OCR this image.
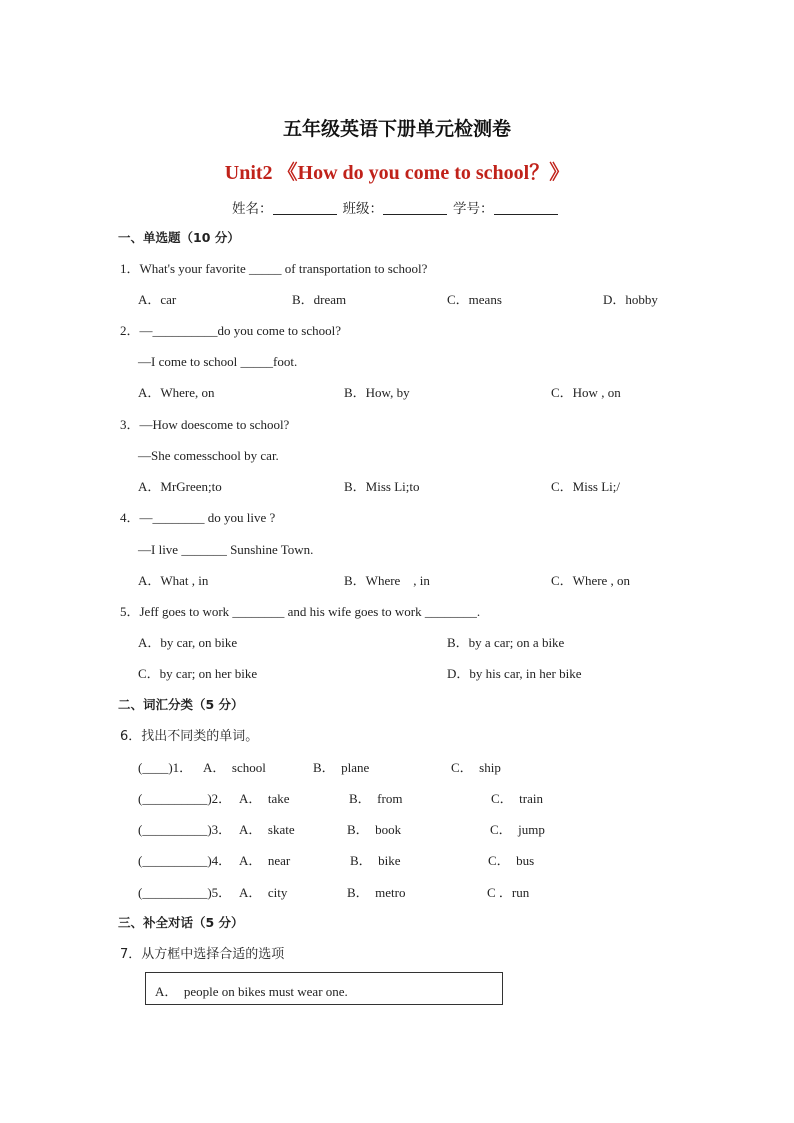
五年级英语下册单元检测卷
Unit2 《How do you come to school？》
姓名：	班级：	学号：
一、单选题（10 分）
1．What's your favorite _____ of transportation to school?
A．car	B．dream	C．means	D．hobby
2．—__________do you come to school?
—I come to school _____foot.
A．Where, on	B．How, by	C．How , on
3．—How doescome to school?
—She comesschool by car.
A．MrGreen;to	B．Miss Li;to	C．Miss Li;/
4．—________ do you live ?
—I live _______ Sunshine Town.
A．What , in	B．Where    , in	C．Where , on
5．Jeff goes to work ________ and his wife goes to work ________.
A．by car, on bike	B．by a car; on a bike
C．by car; on her bike	D．by his car, in her bike
二、词汇分类（5 分）
6．找出不同类的单词。
(____)1． A．  school	B．  plane	C．  ship
(__________)2． A．  take	B．  from	C．  train
(__________)3． A．  skate	B．  book	C．  jump
(__________)4． A．  near	B．  bike	C．  bus
(__________)5． A．  city	B．  metro	C ．run
三、补全对话（5 分）
7．从方框中选择合适的选项
A．  people on bikes must wear one.
